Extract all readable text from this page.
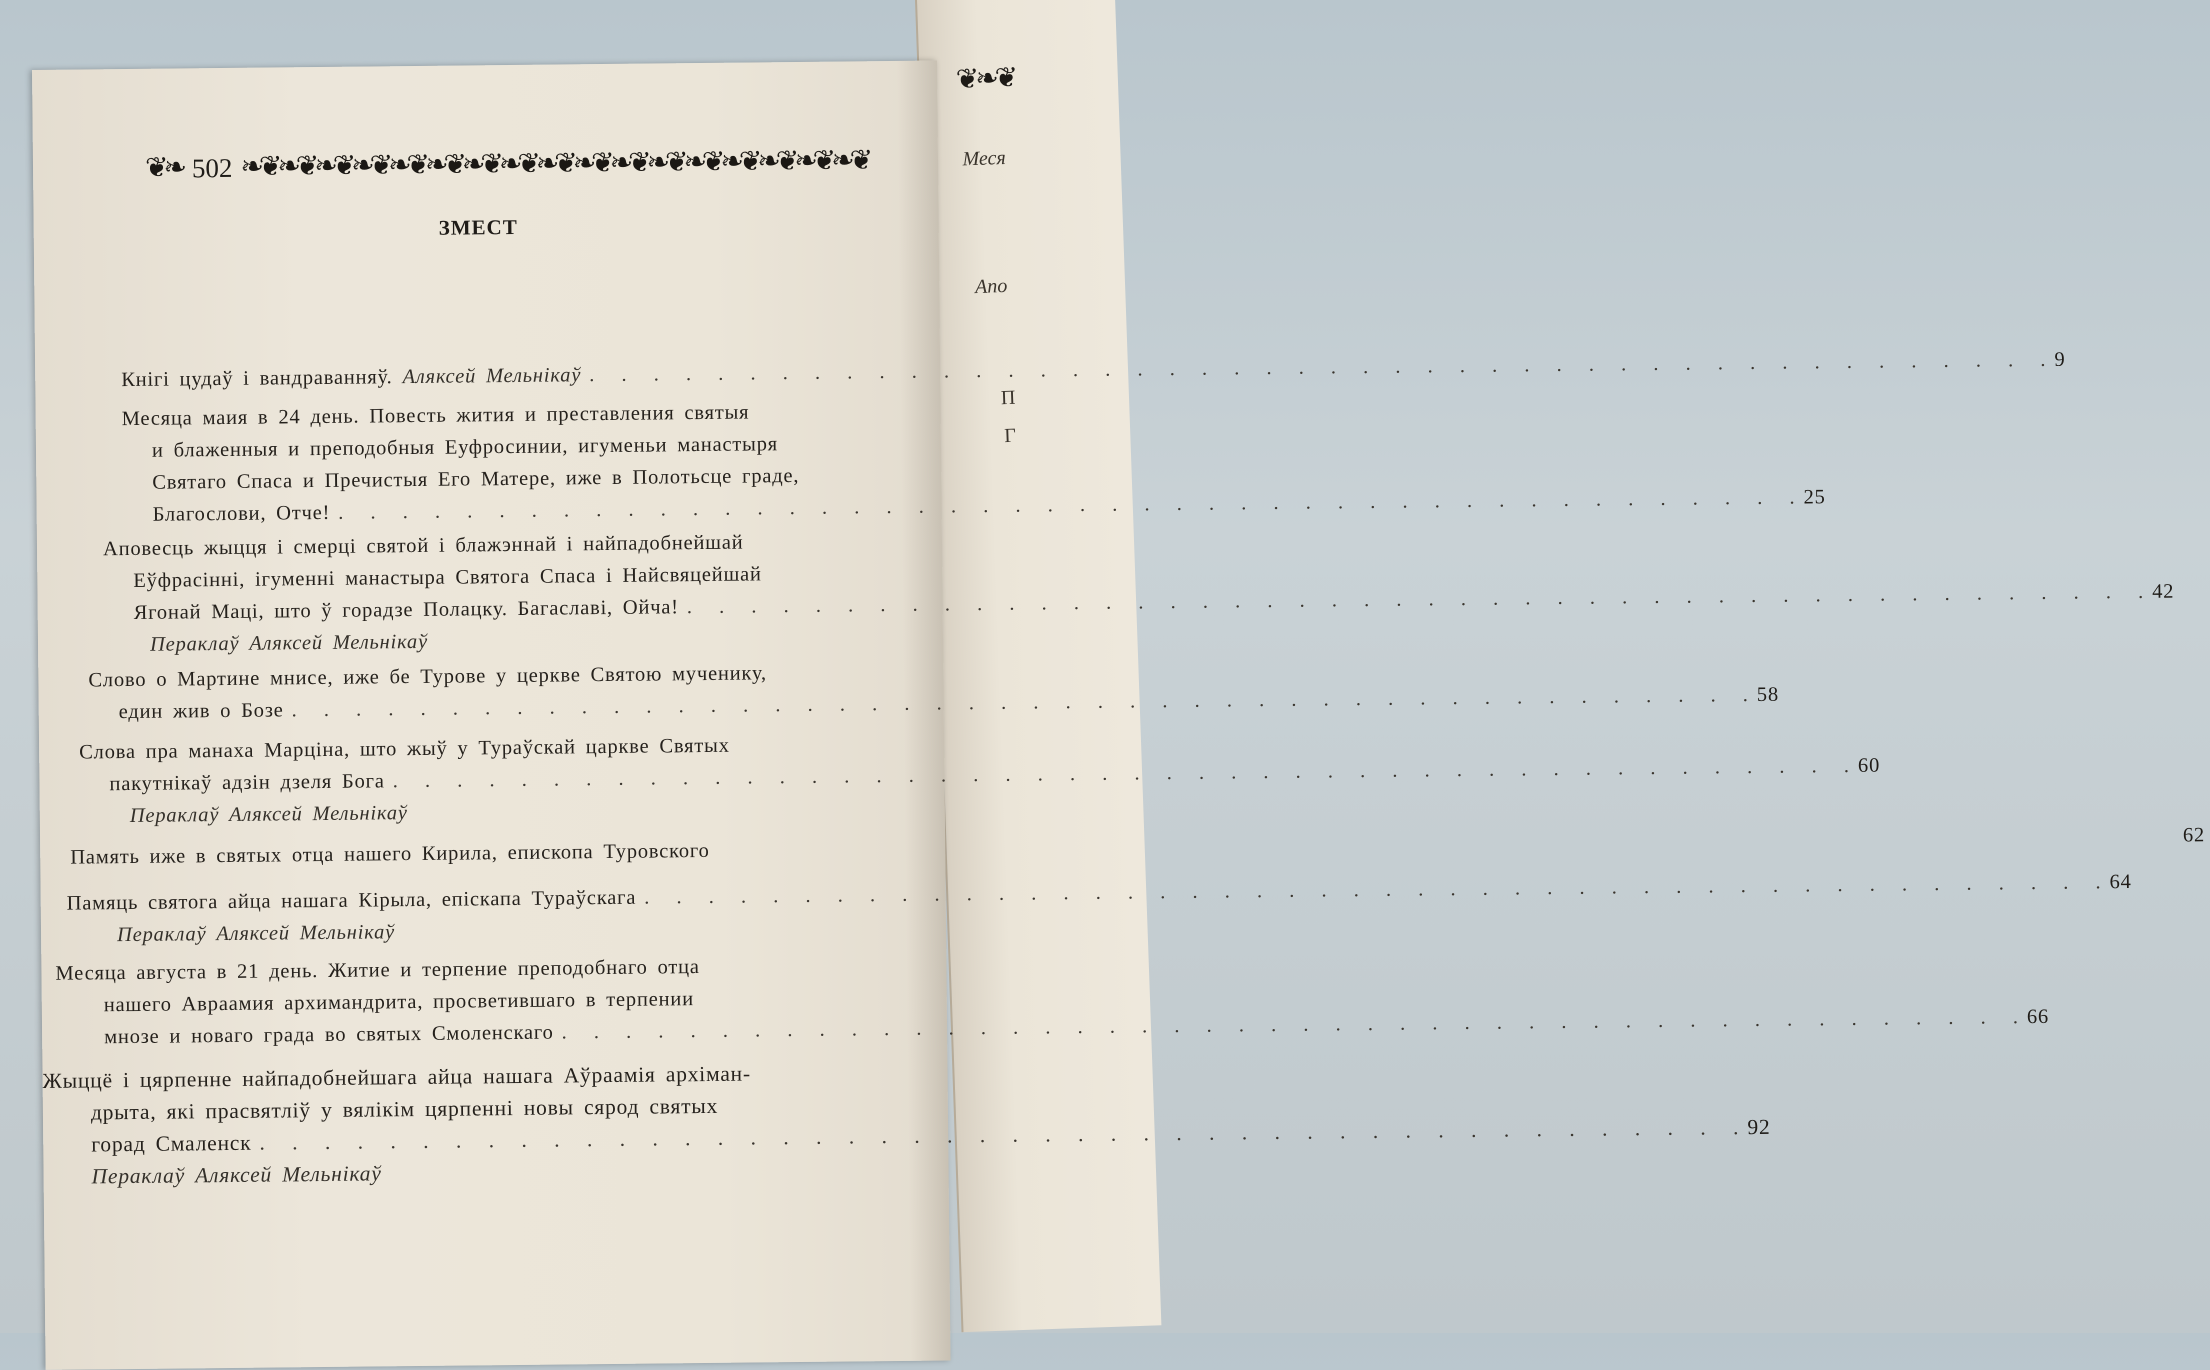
❦❧❦
Меся
Апо
П
Г
❦❧ 502 ❧❦❧❦❧❦❧❦❧❦❧❦❧❦❧❦❧❦❧❦❧❦❧❦❧❦❧❦❧❦❧❦❧❦
ЗМЕСТ
Кнігі цудаў і вандраванняў. Аляксей Мельнікаў
. . .
9
Месяца маия в 24 день. Повесть жития и преставления святыя
и блаженныя и преподобныя Еуфросинии, игуменьи манастыря
Святаго Спаса и Пречистыя Его Матере, иже в Полотьсце граде,
Благослови, Отче!
. . .
25
Аповесць жыцця і смерці святой і блажэннай і найпадобнейшай
Еўфрасінні, ігуменні манастыра Святога Спаса і Найсвяцейшай
Ягонай Маці, што ў горадзе Полацку. Багаславі, Ойча!
. . .
42
Пераклаў Аляксей Мельнікаў
Слово о Мартине мнисе, иже бе Турове у церкве Святою мученику,
един жив о Бозе
. . .
58
Слова пра манаха Марціна, што жыў у Тураўскай царкве Святых
пакутнікаў адзін дзеля Бога
. . .
60
Пераклаў Аляксей Мельнікаў
Память иже в святых отца нашего Кирила, епископа Туровского
62
Памяць святога айца нашага Кірыла, епіскапа Тураўскага
. . .
64
Пераклаў Аляксей Мельнікаў
Месяца августа в 21 день. Житие и терпение преподобнаго отца
нашего Авраамия архимандрита, просветившаго в терпении
мнозе и новаго града во святых Смоленскаго
. . .
66
Жыццё і цярпенне найпадобнейшага айца нашага Аўраамія архіман-
дрыта, які прасвятліў у вялікім цярпенні новы сярод святых
горад Смаленск
. . .
92
Пераклаў Аляксей Мельнікаў
